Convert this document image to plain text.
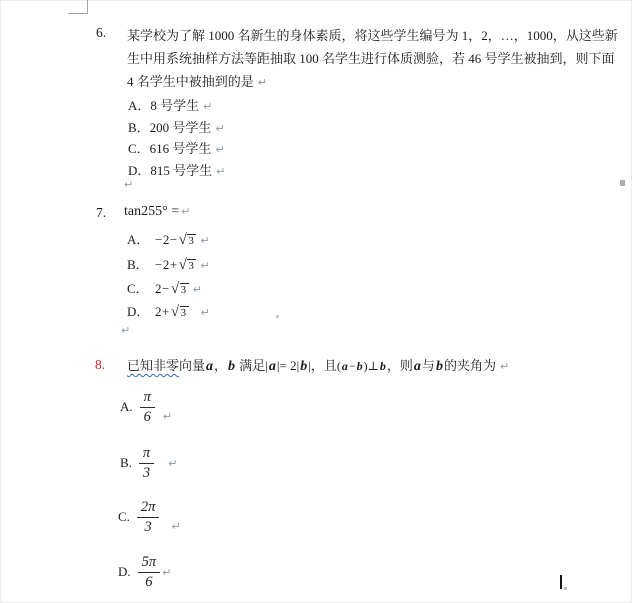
6. 某学校为了解 1000 名新生的身体素质，将这些学生编号为 1，2，…，1000，从这些新
生中用系统抽样方法等距抽取 100 名学生进行体质测验，若 46 号学生被抽到，则下面
4 名学生中被抽到的是 ↵
A．8 号学生 ↵
B．200 号学生 ↵
C．616 号学生 ↵
D．815 号学生 ↵
↵
7. tan255° = ↵
A． −2− √ 3 ↵
B． −2+ √ 3 ↵
C． 2− √ 3 ↵
D． 2+ √ 3 ↵
↵
8. 已知非零向量a，b 满足|a|= 2|b|，且(a−b)⊥b，则a与b的夹角为 ↵
A. $\frac{\pi}{6}$ ↵
B. $\frac{\pi}{3}$ ↵
C. $\frac{2\pi}{3}$ ↵
D. $\frac{5\pi}{6}$ ↵
